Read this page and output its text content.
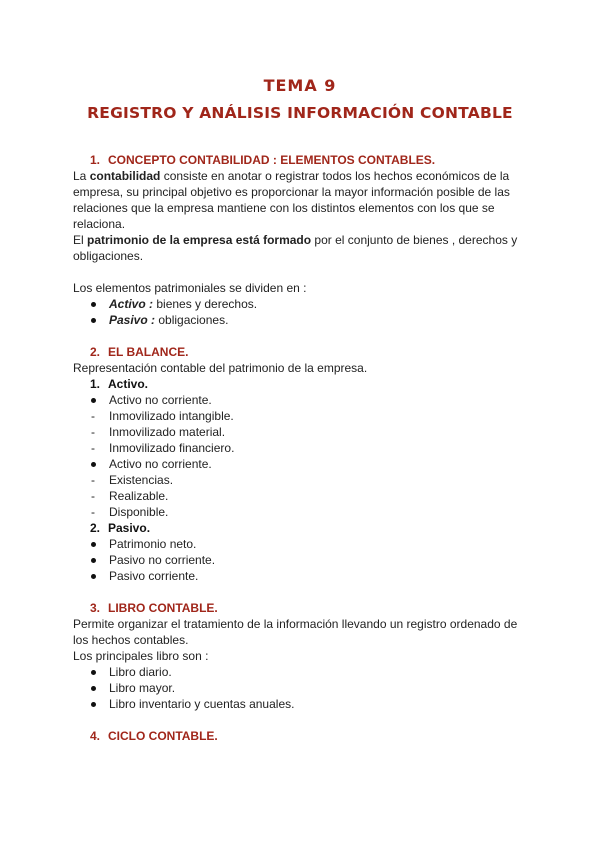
TEMA 9
REGISTRO Y ANÁLISIS INFORMACIÓN CONTABLE
1. CONCEPTO CONTABILIDAD : ELEMENTOS CONTABLES.

La contabilidad consiste en anotar o registrar todos los hechos económicos de la empresa, su principal objetivo es proporcionar la mayor información posible de las relaciones que la empresa mantiene con los distintos elementos con los que se relaciona.

El patrimonio de la empresa está formado por el conjunto de bienes , derechos y obligaciones.

Los elementos patrimoniales se dividen en :

Activo : bienes y derechos.
Pasivo : obligaciones.
2. EL BALANCE.

Representación contable del patrimonio de la empresa.

1. Activo.
Activo no corriente.
- Inmovilizado intangible.
- Inmovilizado material.
- Inmovilizado financiero.
Activo no corriente.
- Existencias.
- Realizable.
- Disponible.
2. Pasivo.
Patrimonio neto.
Pasivo no corriente.
Pasivo corriente.
3. LIBRO CONTABLE.

Permite organizar el tratamiento de la información llevando un registro ordenado de los hechos contables.

Los principales libro son :

Libro diario.
Libro mayor.
Libro inventario y cuentas anuales.
4. CICLO CONTABLE.
